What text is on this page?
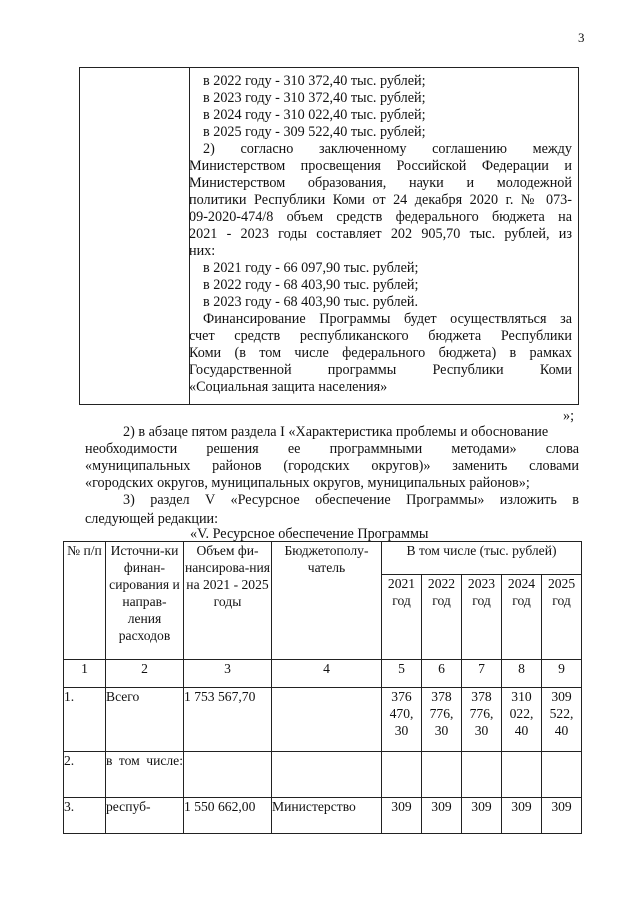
3
в 2022 году - 310 372,40 тыс. рублей;
в 2023 году - 310 372,40 тыс. рублей;
в 2024 году - 310 022,40 тыс. рублей;
в 2025 году - 309 522,40 тыс. рублей;
2) согласно заключенному соглашению между
Министерством просвещения Российской Федерации и
Министерством образования, науки и молодежной
политики Республики Коми от 24 декабря 2020 г. № 073-
09-2020-474/8 объем средств федерального бюджета на
2021 - 2023 годы составляет 202 905,70 тыс. рублей, из
них:
в 2021 году - 66 097,90 тыс. рублей;
в 2022 году - 68 403,90 тыс. рублей;
в 2023 году - 68 403,90 тыс. рублей.
Финансирование Программы будет осуществляться за
счет средств республиканского бюджета Республики
Коми (в том числе федерального бюджета) в рамках
»;
2) в абзаце пятом раздела I «Характеристика проблемы и обоснование
необходимости решения ее программными методами» слова
«муниципальных районов (городских округов)» заменить словами
«городских округов, муниципальных округов, муниципальных районов»;
3) раздел V «Ресурсное обеспечение Программы» изложить в
«V. Ресурсное обеспечение Программы
№ п/п	Источни-ки финан-сирования и направ-ления расходов	Объем фи-нансирова-ния на 2021 - 2025 годы	Бюджетополу-чатель	В том числе (тыс. рублей)				
				2021 год	2022 год	2023 год	2024 год	2025 год
1	2	3	4	5	6	7	8	9
1.	Всего	1 753 567,70		376 470, 30	378 776, 30	378 776, 30	310 022, 40	309 522, 40
2.	в том числе:							
3.	респуб-	1 550 662,00	Министерство	309	309	309	309	309
Государственной программы Республики Коми
«Социальная защита населения»
следующей редакции:
